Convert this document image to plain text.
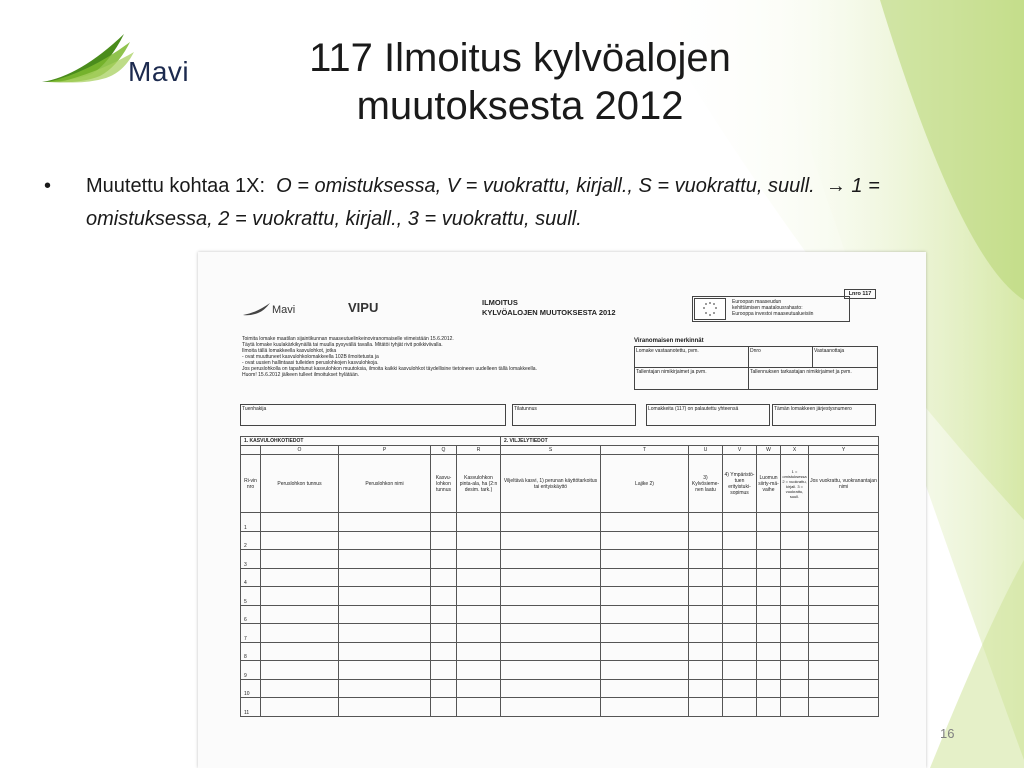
Mavi	117 Ilmoitus kylvöalojen
muutoksesta 2012
• Muutettu kohtaa 1X: O = omistuksessa, V = vuokrattu, kirjall., S = vuokrattu, suull. → 1 = omistuksessa, 2 = vuokrattu, kirjall., 3 = vuokrattu, suull.
Mavi	VIPU	ILMOITUS
KYLVÖALOJEN MUUTOKSESTA 2012
Euroopan maaseudun
kehittämisen maatalousrahasto:
Eurooppa investoi maaseutualueisiin
Lnro 117
Toimita lomake maatilan sijaintikunnan maaseutuelinkeinoviranomaiselle viimeistään 15.6.2012.
Täytä lomake kuulakärkikynällä tai muulla pysyvällä tavalla. Mitätöi tyhjät rivit poikkiviivalla.
Ilmoita tällä lomakkeella kasvulohkot, jotka
- ovat muuttuneet kasvulohkolomakkeella 102B ilmoitetusta ja
- ovat uusien hallintaasi tulleiden peruslohkojen kasvulohkoja.
Jos peruslohkolla on tapahtunut kasvulohkon muutoksia, ilmoita kaikki kasvulohkot täydellisine tietoineen uudelleen tällä lomakkeella.
Huom! 15.6.2012 jälkeen tulleet ilmoitukset hylätään.
Viranomaisen merkinnät
Lomake vastaanotettu, pvm.	Dnro	Vastaanottaja
Tallentajan nimikirjaimet ja pvm.	Tallennuksen tarkastajan nimikirjaimet ja pvm.
Tuenhakija	Tilatunnus	Lomakkeita (117) on palautettu yhteensä	Tämän lomakkeen järjestysnumero
1. KASVULOHKOTIEDOT					2. VILJELYTIEDOT						
	O	P	Q	R	S	T	U	V	W	X	Y
Ri-vin nro	Peruslohkon tunnus	Peruslohkon nimi	Kasvu-lohkon tunnus	Kasvulohkon pinta-ala, ha (2:n desim. tark.)	Viljeltävä kasvi, 1) perunan käyttötarkoitus tai erityiskäyttö	Lajike 2)	3) Kylvösieme-nen laatu	4) Ympäristö-tuen erityistuki-sopimus	Luomun siirty-mä-vaihe	1 = omistuksessa 2 = vuokrattu, kirjall. 3 = vuokrattu, suull.	Jos vuokrattu, vuokranantajan nimi
1											
2											
3											
4											
5											
6											
7											
8											
9											
10											
11											
16
